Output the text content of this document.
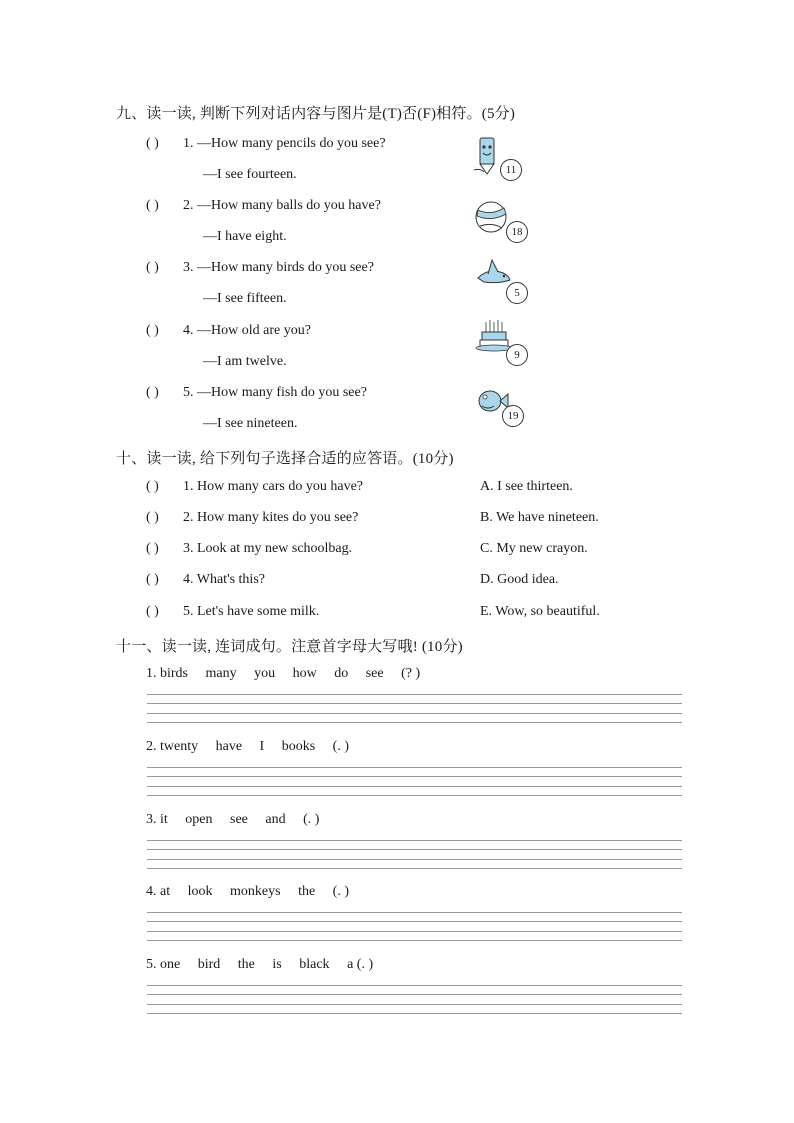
九、读一读, 判断下列对话内容与图片是(T)否(F)相符。(5分)
( ) 1. —How many pencils do you see?
—I see fourteen.	11
( ) 2. —How many balls do you have?
—I have eight.	18
( ) 3. —How many birds do you see?
—I see fifteen.	5
( ) 4. —How old are you?
—I am twelve.	9
( ) 5. —How many fish do you see?
—I see nineteen.	19
十、读一读, 给下列句子选择合适的应答语。(10分)
( ) 1. How many cars do you have?	A. I see thirteen.
( ) 2. How many kites do you see?	B. We have nineteen.
( ) 3. Look at my new schoolbag.	C. My new crayon.
( ) 4. What's this?	D. Good idea.
( ) 5. Let's have some milk.	E. Wow, so beautiful.
十一、读一读, 连词成句。注意首字母大写哦! (10分)
1. birds many you how do see (? )
2. twenty have I books (. )
3. it open see and (. )
4. at look monkeys the (. )
5. one bird the is black a (. )
